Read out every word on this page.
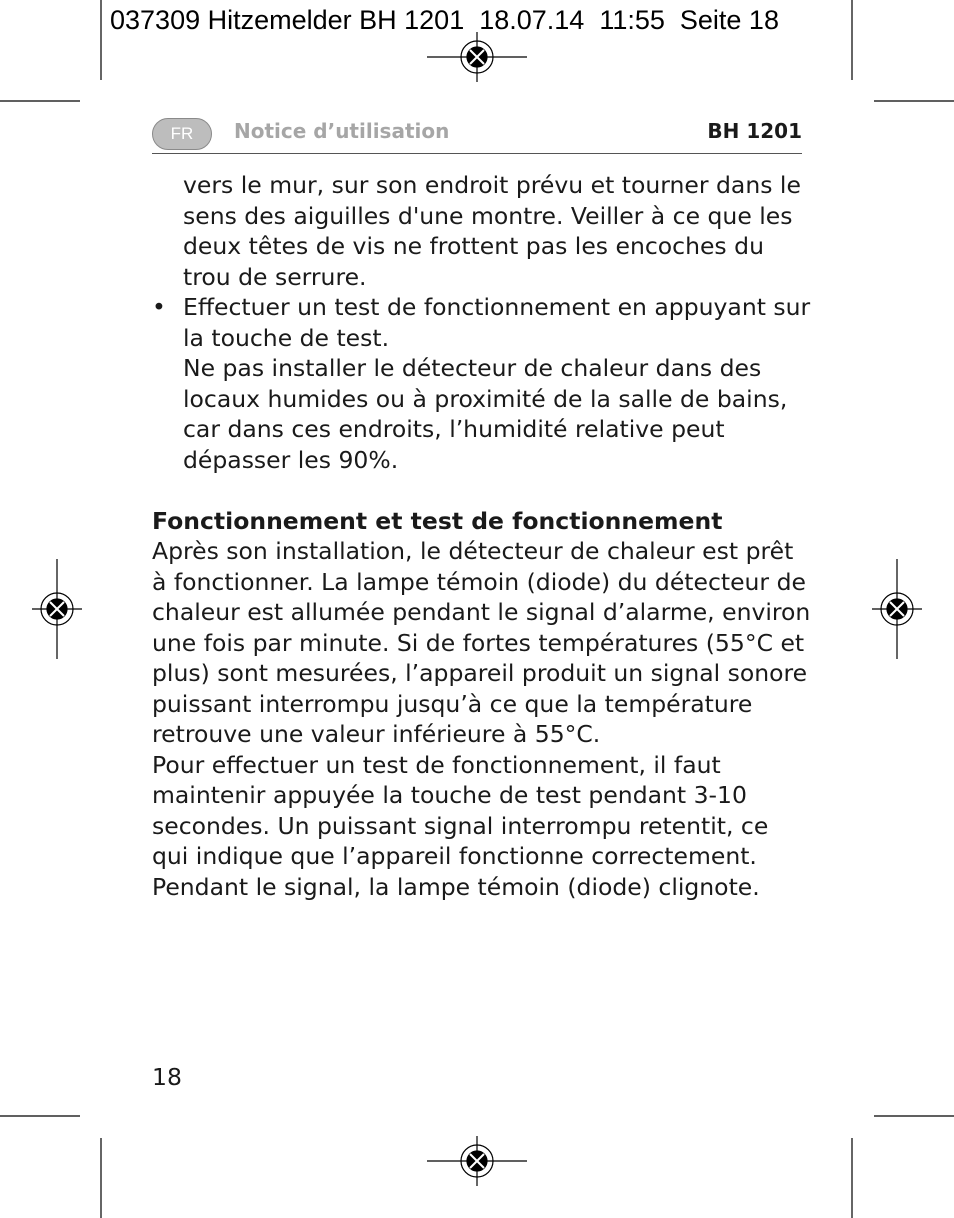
037309 Hitzemelder BH 1201  18.07.14  11:55  Seite 18
FR	Notice d’utilisation	BH 1201

vers le mur, sur son endroit prévu et tourner dans le sens des aiguilles d'une montre. Veiller à ce que les deux têtes de vis ne frottent pas les encoches du trou de serrure.

• Effectuer un test de fonctionnement en appuyant sur la touche de test.

Ne pas installer le détecteur de chaleur dans des locaux humides ou à proximité de la salle de bains, car dans ces endroits, l’humidité relative peut dépasser les 90%.

Fonctionnement et test de fonctionnement

Après son installation, le détecteur de chaleur est prêt à fonctionner. La lampe témoin (diode) du détecteur de chaleur est allumée pendant le signal d’alarme, environ une fois par minute. Si de fortes températures (55°C et plus) sont mesurées, l’appareil produit un signal sonore puissant interrompu jusqu’à ce que la température retrouve une valeur inférieure à 55°C.

Pour effectuer un test de fonctionnement, il faut maintenir appuyée la touche de test pendant 3-10 secondes. Un puissant signal interrompu retentit, ce qui indique que l’appareil fonctionne correctement. Pendant le signal, la lampe témoin (diode) clignote.

18
